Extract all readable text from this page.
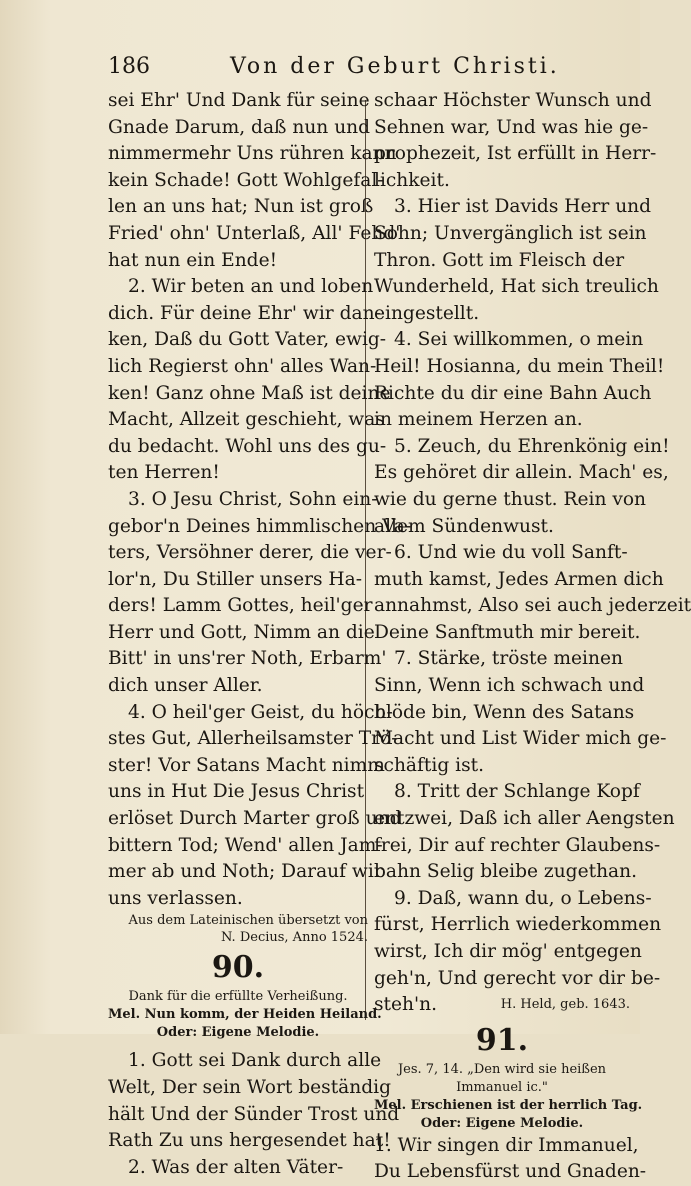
186	Von der Geburt Christi.
sei Ehr' Und Dank für seine
Gnade Darum, daß nun und
nimmermehr Uns rühren kann
kein Schade! Gott Wohlgefal-
len an uns hat; Nun ist groß
Fried' ohn' Unterlaß, All' Fehd'
hat nun ein Ende!
2. Wir beten an und loben
dich. Für deine Ehr' wir dan-
ken, Daß du Gott Vater, ewig-
lich Regierst ohn' alles Wan-
ken! Ganz ohne Maß ist deine
Macht, Allzeit geschieht, was
du bedacht. Wohl uns des gu-
ten Herren!
3. O Jesu Christ, Sohn ein-
gebor'n Deines himmlischen Va-
ters, Versöhner derer, die ver-
lor'n, Du Stiller unsers Ha-
ders! Lamm Gottes, heil'ger
Herr und Gott, Nimm an die
Bitt' in uns'rer Noth, Erbarm'
dich unser Aller.
4. O heil'ger Geist, du höch-
stes Gut, Allerheilsamster Trö-
ster! Vor Satans Macht nimm
uns in Hut Die Jesus Christ
erlöset Durch Marter groß und
bittern Tod; Wend' allen Jam-
mer ab und Noth; Darauf wir
uns verlassen.
Aus dem Lateinischen übersetzt von
N. Decius, Anno 1524.
90.
Dank für die erfüllte Verheißung.
Mel. Nun komm, der Heiden Heiland.
Oder: Eigene Melodie.
1. Gott sei Dank durch alle
Welt, Der sein Wort beständig
hält Und der Sünder Trost und
Rath Zu uns hergesendet hat!
2. Was der alten Väter-
schaar Höchster Wunsch und
Sehnen war, Und was hie ge-
prophezeit, Ist erfüllt in Herr-
lichkeit.
3. Hier ist Davids Herr und
Sohn; Unvergänglich ist sein
Thron. Gott im Fleisch der
Wunderheld, Hat sich treulich
eingestellt.
4. Sei willkommen, o mein
Heil! Hosianna, du mein Theil!
Richte du dir eine Bahn Auch
in meinem Herzen an.
5. Zeuch, du Ehrenkönig ein!
Es gehöret dir allein. Mach' es,
wie du gerne thust. Rein von
allem Sündenwust.
6. Und wie du voll Sanft-
muth kamst, Jedes Armen dich
annahmst, Also sei auch jederzeit
Deine Sanftmuth mir bereit.
7. Stärke, tröste meinen
Sinn, Wenn ich schwach und
blöde bin, Wenn des Satans
Macht und List Wider mich ge-
schäftig ist.
8. Tritt der Schlange Kopf
entzwei, Daß ich aller Aengsten
frei, Dir auf rechter Glaubens-
bahn Selig bleibe zugethan.
9. Daß, wann du, o Lebens-
fürst, Herrlich wiederkommen
wirst, Ich dir mög' entgegen
geh'n, Und gerecht vor dir be-
steh'n.	H. Held, geb. 1643.
91.
Jes. 7, 14. „Den wird sie heißen
Immanuel ic."
Mel. Erschienen ist der herrlich Tag.
Oder: Eigene Melodie.
1. Wir singen dir Immanuel,
Du Lebensfürst und Gnaden-
